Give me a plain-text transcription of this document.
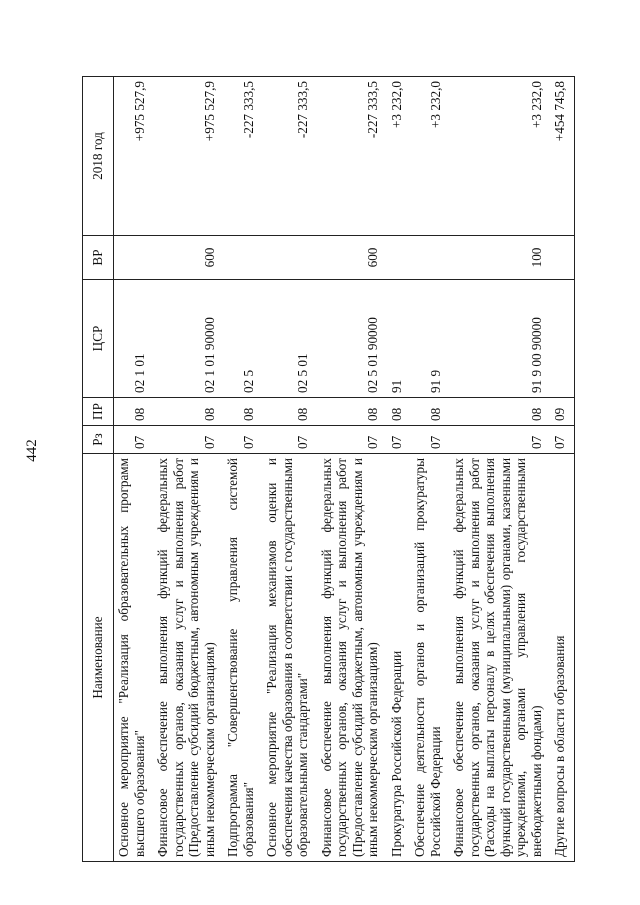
442
Наименование	Рз	ПР	ЦСР	ВР	2018 год
Основное мероприятие "Реализация образовательных программ высшего образования"	07	08	02 1 01		+975 527,9
Финансовое обеспечение выполнения функций федеральных государственных органов, оказания услуг и выполнения работ (Предоставление субсидий бюджетным, автономным учреждениям и иным некоммерческим организациям)	07	08	02 1 01 90000	600	+975 527,9
Подпрограмма "Совершенствование управления системой образования"	07	08	02 5		-227 333,5
Основное мероприятие "Реализация механизмов оценки и обеспечения качества образования в соответствии с государственными образовательными стандартами"	07	08	02 5 01		-227 333,5
Финансовое обеспечение выполнения функций федеральных государственных органов, оказания услуг и выполнения работ (Предоставление субсидий бюджетным, автономным учреждениям и иным некоммерческим организациям)	07	08	02 5 01 90000	600	-227 333,5
Прокуратура Российской Федерации	07	08	91		+3 232,0
Обеспечение деятельности органов и организаций прокуратуры Российской Федерации	07	08	91 9		+3 232,0
Финансовое обеспечение выполнения функций федеральных государственных органов, оказания услуг и выполнения работ (Расходы на выплаты персоналу в целях обеспечения выполнения функций государственными (муниципальными) органами, казенными учреждениями, органами управления государственными внебюджетными фондами)	07	08	91 9 00 90000	100	+3 232,0
Другие вопросы в области образования	07	09			+454 745,8
